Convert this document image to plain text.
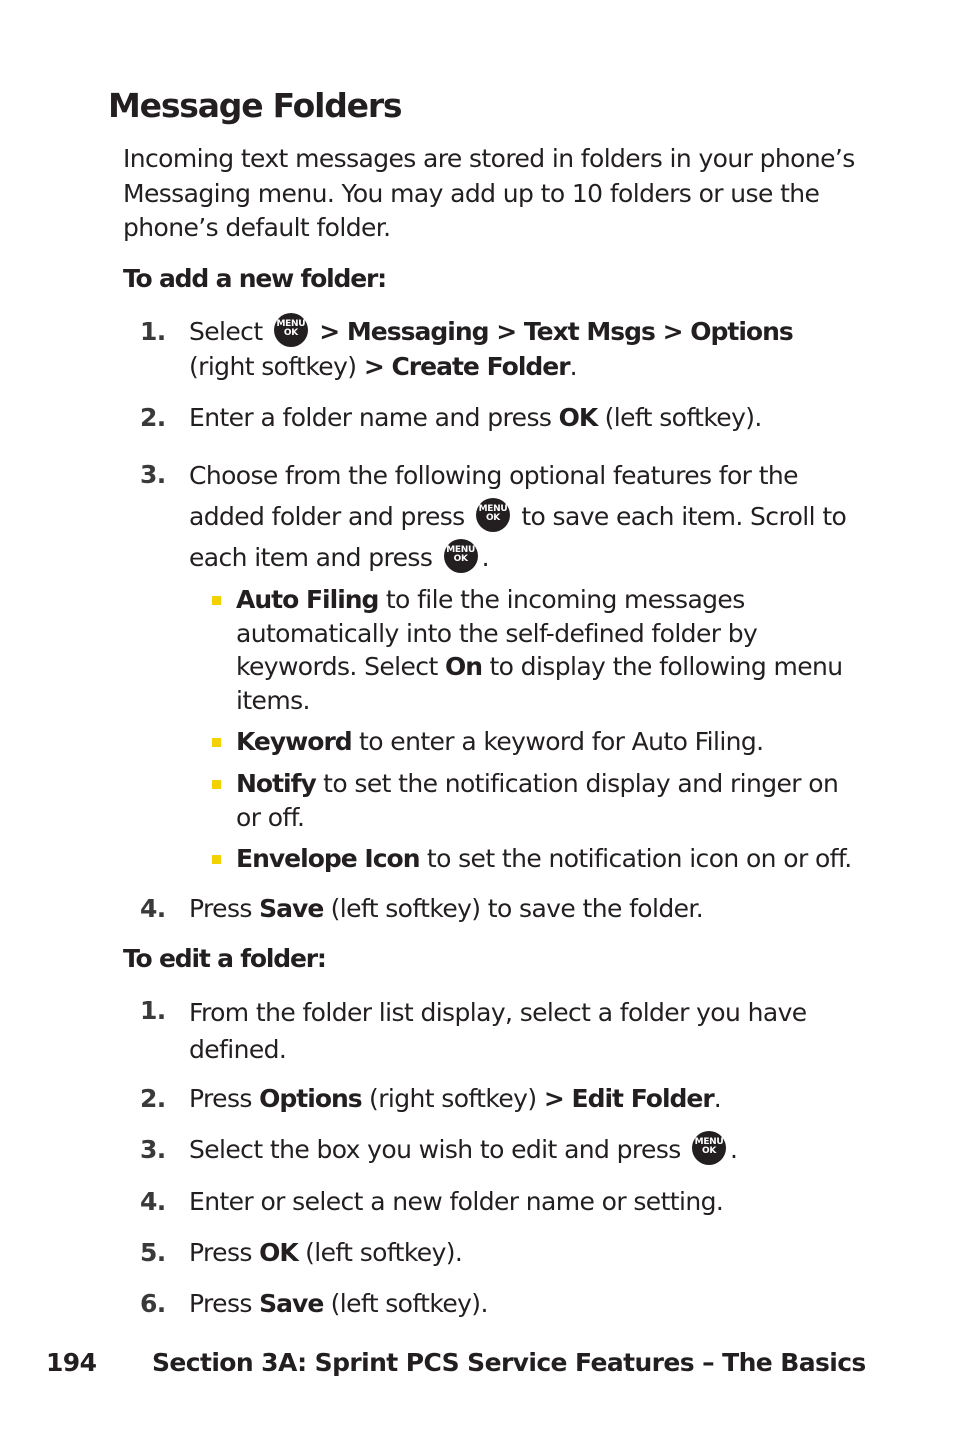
Message Folders
Incoming text messages are stored in folders in your phone’s Messaging menu. You may add up to 10 folders or use the phone’s default folder.
To add a new folder:
1. Select MENU
OK > Messaging > Text Msgs > Options (right softkey) > Create Folder.
2. Enter a folder name and press OK (left softkey).
3. Choose from the following optional features for the added folder and press MENU
OK to save each item. Scroll to each item and press MENU
OK .
Auto Filing to file the incoming messages automatically into the self-defined folder by keywords. Select On to display the following menu items.
Keyword to enter a keyword for Auto Filing.
Notify to set the notification display and ringer on or off.
Envelope Icon to set the notification icon on or off.
4. Press Save (left softkey) to save the folder.
To edit a folder:
1. From the folder list display, select a folder you have defined.
2. Press Options (right softkey) > Edit Folder.
3. Select the box you wish to edit and press MENU
OK .
4. Enter or select a new folder name or setting.
5. Press OK (left softkey).
6. Press Save (left softkey).
194 Section 3A: Sprint PCS Service Features – The Basics
